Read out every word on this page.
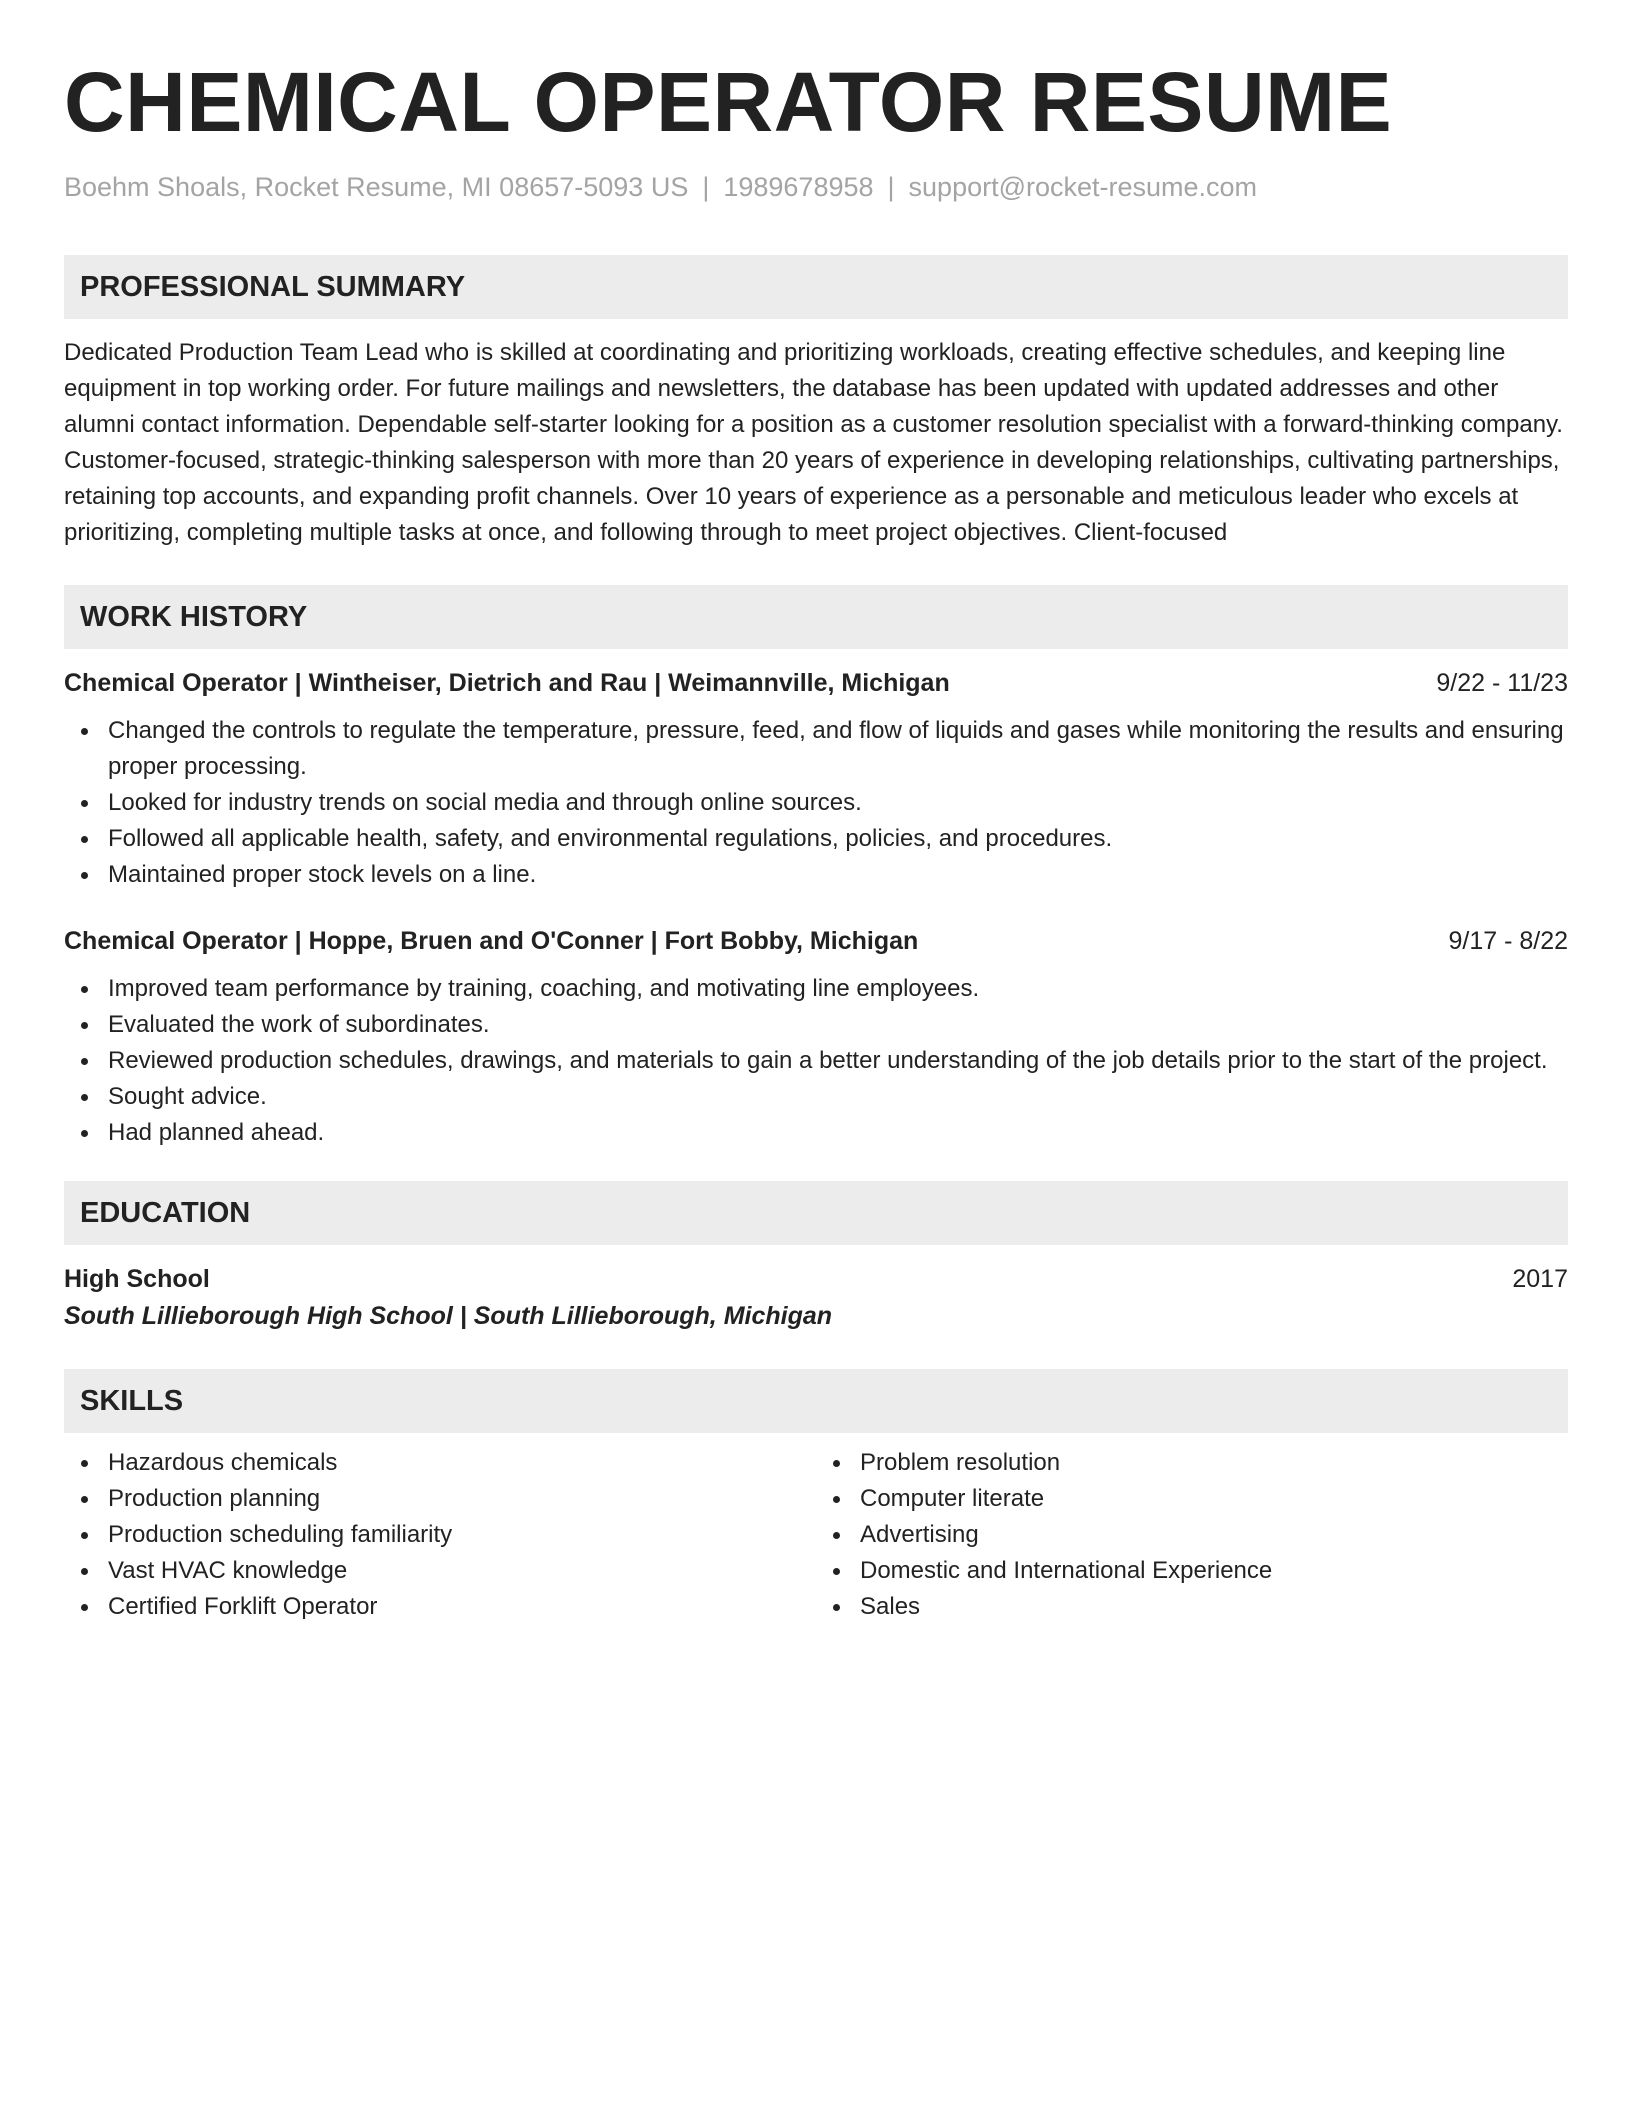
CHEMICAL OPERATOR RESUME
Boehm Shoals, Rocket Resume, MI 08657-5093 US | 1989678958 | support@rocket-resume.com
PROFESSIONAL SUMMARY
Dedicated Production Team Lead who is skilled at coordinating and prioritizing workloads, creating effective schedules, and keeping line equipment in top working order. For future mailings and newsletters, the database has been updated with updated addresses and other alumni contact information. Dependable self-starter looking for a position as a customer resolution specialist with a forward-thinking company. Customer-focused, strategic-thinking salesperson with more than 20 years of experience in developing relationships, cultivating partnerships, retaining top accounts, and expanding profit channels. Over 10 years of experience as a personable and meticulous leader who excels at prioritizing, completing multiple tasks at once, and following through to meet project objectives. Client-focused
WORK HISTORY
Chemical Operator | Wintheiser, Dietrich and Rau | Weimannville, Michigan	9/22 - 11/23
Changed the controls to regulate the temperature, pressure, feed, and flow of liquids and gases while monitoring the results and ensuring proper processing.
Looked for industry trends on social media and through online sources.
Followed all applicable health, safety, and environmental regulations, policies, and procedures.
Maintained proper stock levels on a line.
Chemical Operator | Hoppe, Bruen and O'Conner | Fort Bobby, Michigan	9/17 - 8/22
Improved team performance by training, coaching, and motivating line employees.
Evaluated the work of subordinates.
Reviewed production schedules, drawings, and materials to gain a better understanding of the job details prior to the start of the project.
Sought advice.
Had planned ahead.
EDUCATION
High School	2017
South Lillieborough High School | South Lillieborough, Michigan
SKILLS
Hazardous chemicals
Production planning
Production scheduling familiarity
Vast HVAC knowledge
Certified Forklift Operator
Problem resolution
Computer literate
Advertising
Domestic and International Experience
Sales
